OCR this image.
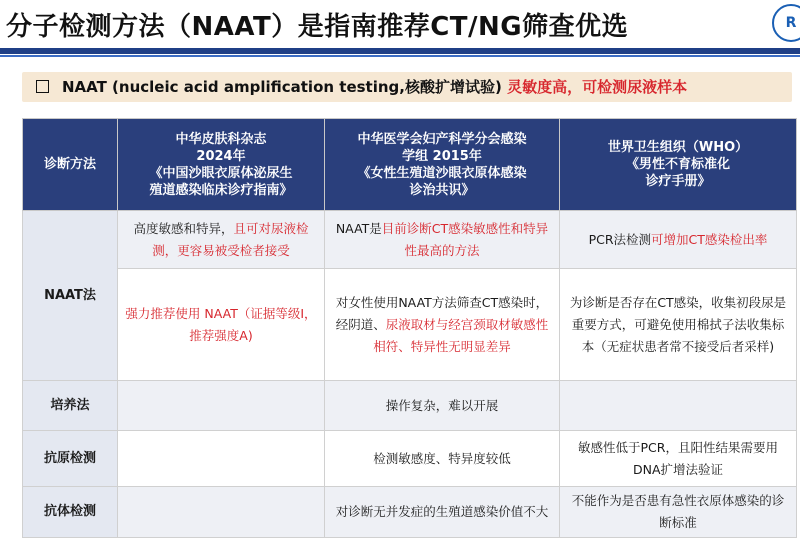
分子检测方法（NAAT）是指南推荐CT/NG筛查优选	R
NAAT (nucleic acid amplification testing,核酸扩增试验) 灵敏度高，可检测尿液样本
诊断方法	中华皮肤科杂志
2024年
《中国沙眼衣原体泌尿生
殖道感染临床诊疗指南》	中华医学会妇产科学分会感染
学组 2015年
《女性生殖道沙眼衣原体感染
诊治共识》	世界卫生组织（WHO）
《男性不育标准化
诊疗手册》

NAAT法	高度敏感和特异，且可对尿液检测，更容易被受检者接受	NAAT是目前诊断CT感染敏感性和特异性最高的方法	PCR法检测可增加CT感染检出率
	强力推荐使用 NAAT（证据等级Ⅰ，推荐强度A)	对女性使用NAAT方法筛查CT感染时，经阴道、尿液取材与经宫颈取材敏感性相符、特异性无明显差异	为诊断是否存在CT感染，收集初段尿是重要方式，可避免使用棉拭子法收集标本（无症状患者常不接受后者采样)
培养法		操作复杂，难以开展	
抗原检测		检测敏感度、特异度较低	敏感性低于PCR，且阳性结果需要用DNA扩增法验证
抗体检测		对诊断无并发症的生殖道感染价值不大	不能作为是否患有急性衣原体感染的诊断标准
